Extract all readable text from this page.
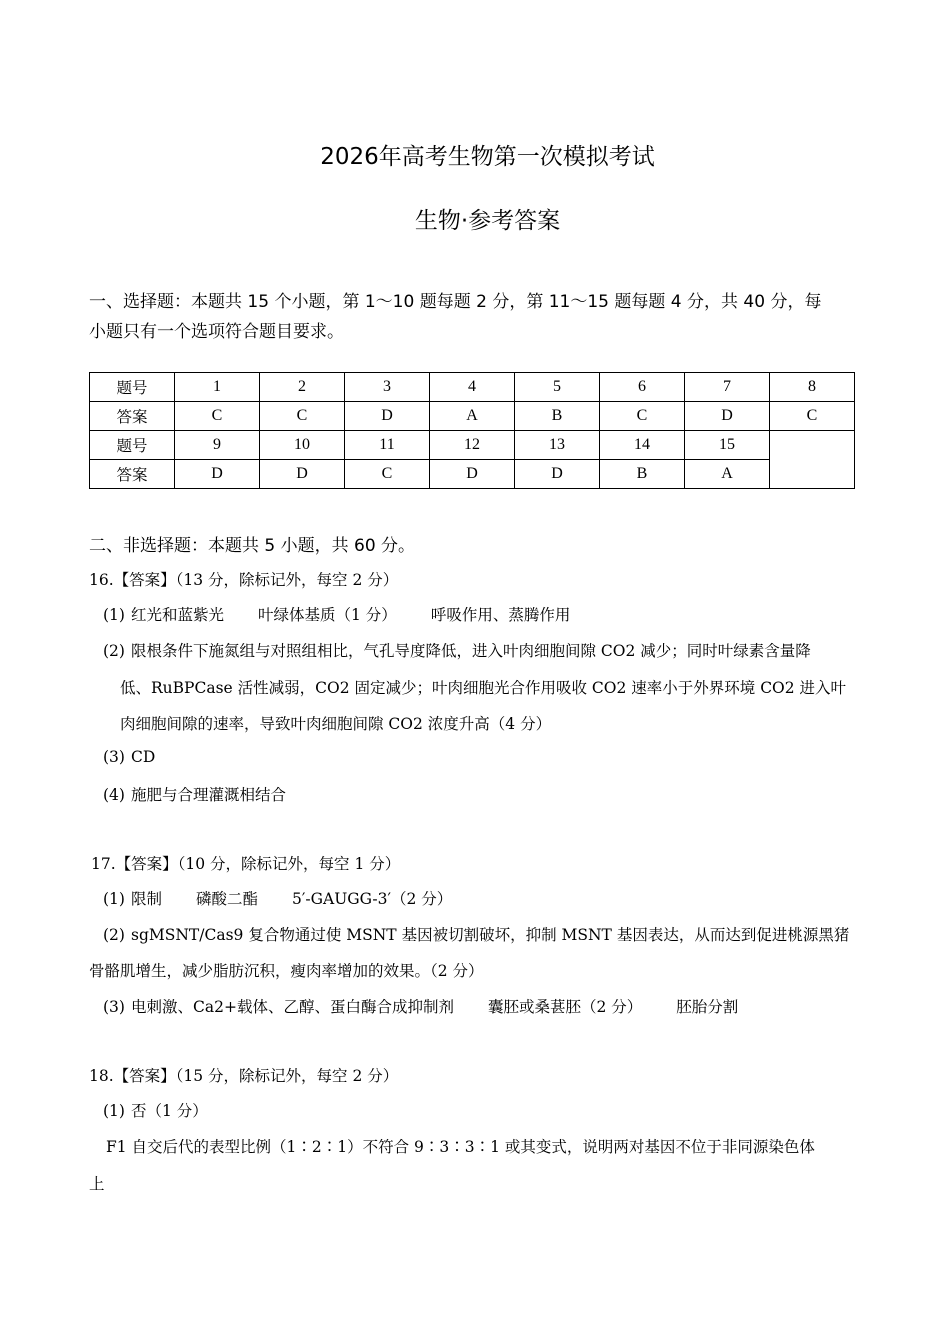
2026年高考生物第一次模拟考试
生物·参考答案
一、选择题：本题共 15 个小题，第 1～10 题每题 2 分，第 11～15 题每题 4 分，共 40 分，每
小题只有一个选项符合题目要求。
题号	1	2	3	4	5	6	7	8
答案	C	C	D	A	B	C	D	C
题号	9	10	11	12	13	14	15	
答案	D	D	C	D	D	B	A	
二、非选择题：本题共 5 小题，共 60 分。
16.【答案】（13 分，除标记外，每空 2 分）
(1) 红光和蓝紫光 叶绿体基质（1 分） 呼吸作用、蒸腾作用
(2) 限根条件下施氮组与对照组相比，气孔导度降低，进入叶肉细胞间隙 CO2 减少；同时叶绿素含量降
低、RuBPCase 活性减弱，CO2 固定减少；叶肉细胞光合作用吸收 CO2 速率小于外界环境 CO2 进入叶
肉细胞间隙的速率，导致叶肉细胞间隙 CO2 浓度升高（4 分）
(3) CD
(4) 施肥与合理灌溉相结合
17.【答案】（10 分，除标记外，每空 1 分）
(1) 限制 磷酸二酯 5′-GAUGG-3′（2 分）
(2) sgMSNT/Cas9 复合物通过使 MSNT 基因被切割破坏，抑制 MSNT 基因表达，从而达到促进桃源黑猪
骨骼肌增生，减少脂肪沉积，瘦肉率增加的效果。（2 分）
(3) 电刺激、Ca2+载体、乙醇、蛋白酶合成抑制剂 囊胚或桑葚胚（2 分） 胚胎分割
18.【答案】（15 分，除标记外，每空 2 分）
(1) 否（1 分）
F1 自交后代的表型比例（1∶2∶1）不符合 9∶3∶3∶1 或其变式，说明两对基因不位于非同源染色体
上
